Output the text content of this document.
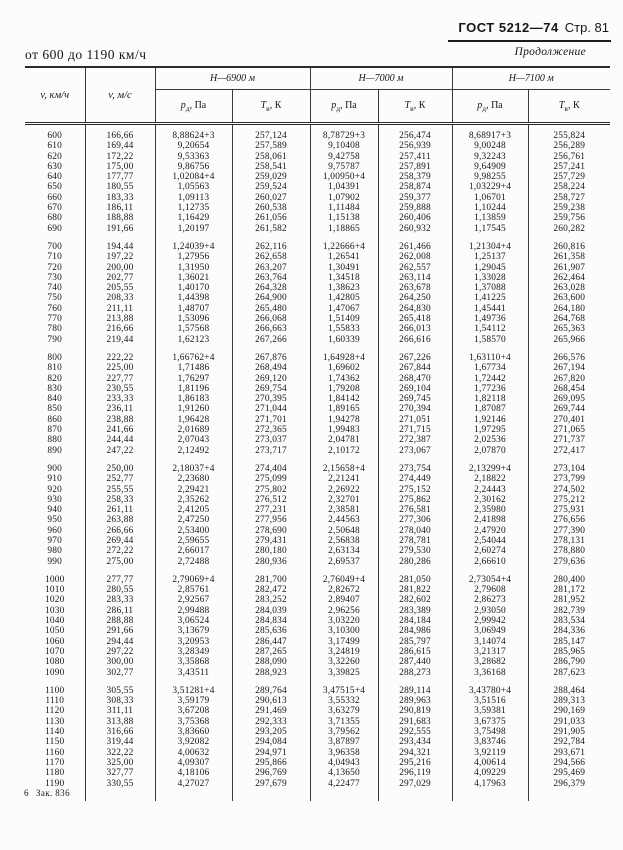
ГОСТ 5212—74 Стр. 81
Продолжение
от 600 до 1190 км/ч
v, км/ч	v, м/с	Н—6900 м		Н—7000 м		Н—7100 м	
		$p_д$, Па	$Т_в$, К	$p_д$, Па	$Т_в$, К	$p_д$, Па	$Т_в$, К

600	166,66	8,88624+3	257,124	8,78729+3	256,474	8,68917+3	255,824
610	169,44	9,20654	257,589	9,10408	256,939	9,00248	256,289
620	172,22	9,53363	258,061	9,42758	257,411	9,32243	256,761
630	175,00	9,86756	258,541	9,75787	257,891	9,64909	257,241
640	177,77	1,02084+4	259,029	1,00950+4	258,379	9,98255	257,729
650	180,55	1,05563	259,524	1,04391	258,874	1,03229+4	258,224
660	183,33	1,09113	260,027	1,07902	259,377	1,06701	258,727
670	186,11	1,12735	260,538	1,11484	259,888	1,10244	259,238
680	188,88	1,16429	261,056	1,15138	260,406	1,13859	259,756
690	191,66	1,20197	261,582	1,18865	260,932	1,17545	260,282

700	194,44	1,24039+4	262,116	1,22666+4	261,466	1,21304+4	260,816
710	197,22	1,27956	262,658	1,26541	262,008	1,25137	261,358
720	200,00	1,31950	263,207	1,30491	262,557	1,29045	261,907
730	202,77	1,36021	263,764	1,34518	263,114	1,33028	262,464
740	205,55	1,40170	264,328	1,38623	263,678	1,37088	263,028
750	208,33	1,44398	264,900	1,42805	264,250	1,41225	263,600
760	211,11	1,48707	265,480	1,47067	264,830	1,45441	264,180
770	213,88	1,53096	266,068	1,51409	265,418	1,49736	264,768
780	216,66	1,57568	266,663	1,55833	266,013	1,54112	265,363
790	219,44	1,62123	267,266	1,60339	266,616	1,58570	265,966

800	222,22	1,66762+4	267,876	1,64928+4	267,226	1,63110+4	266,576
810	225,00	1,71486	268,494	1,69602	267,844	1,67734	267,194
820	227,77	1,76297	269,120	1,74362	268,470	1,72442	267,820
830	230,55	1,81196	269,754	1,79208	269,104	1,77236	268,454
840	233,33	1,86183	270,395	1,84142	269,745	1,82118	269,095
850	236,11	1,91260	271,044	1,89165	270,394	1,87087	269,744
860	238,88	1,96428	271,701	1,94278	271,051	1,92146	270,401
870	241,66	2,01689	272,365	1,99483	271,715	1,97295	271,065
880	244,44	2,07043	273,037	2,04781	272,387	2,02536	271,737
890	247,22	2,12492	273,717	2,10172	273,067	2,07870	272,417

900	250,00	2,18037+4	274,404	2,15658+4	273,754	2,13299+4	273,104
910	252,77	2,23680	275,099	2,21241	274,449	2,18822	273,799
920	255,55	2,29421	275,802	2,26922	275,152	2,24443	274,502
930	258,33	2,35262	276,512	2,32701	275,862	2,30162	275,212
940	261,11	2,41205	277,231	2,38581	276,581	2,35980	275,931
950	263,88	2,47250	277,956	2,44563	277,306	2,41898	276,656
960	266,66	2,53400	278,690	2,50648	278,040	2,47920	277,390
970	269,44	2,59655	279,431	2,56838	278,781	2,54044	278,131
980	272,22	2,66017	280,180	2,63134	279,530	2,60274	278,880
990	275,00	2,72488	280,936	2,69537	280,286	2,66610	279,636

1000	277,77	2,79069+4	281,700	2,76049+4	281,050	2,73054+4	280,400
1010	280,55	2,85761	282,472	2,82672	281,822	2,79608	281,172
1020	283,33	2,92567	283,252	2,89407	282,602	2,86273	281,952
1030	286,11	2,99488	284,039	2,96256	283,389	2,93050	282,739
1040	288,88	3,06524	284,834	3,03220	284,184	2,99942	283,534
1050	291,66	3,13679	285,636	3,10300	284,986	3,06949	284,336
1060	294,44	3,20953	286,447	3,17499	285,797	3,14074	285,147
1070	297,22	3,28349	287,265	3,24819	286,615	3,21317	285,965
1080	300,00	3,35868	288,090	3,32260	287,440	3,28682	286,790
1090	302,77	3,43511	288,923	3,39825	288,273	3,36168	287,623

1100	305,55	3,51281+4	289,764	3,47515+4	289,114	3,43780+4	288,464
1110	308,33	3,59179	290,613	3,55332	289,963	3,51516	289,313
1120	311,11	3,67208	291,469	3,63279	290,819	3,59381	290,169
1130	313,88	3,75368	292,333	3,71355	291,683	3,67375	291,033
1140	316,66	3,83660	293,205	3,79562	292,555	3,75498	291,905
1150	319,44	3,92082	294,084	3,87897	293,434	3,83746	292,784
1160	322,22	4,00632	294,971	3,96358	294,321	3,92119	293,671
1170	325,00	4,09307	295,866	4,04943	295,216	4,00614	294,566
1180	327,77	4,18106	296,769	4,13650	296,119	4,09229	295,469
1190	330,55	4,27027	297,679	4,22477	297,029	4,17963	296,379

6 Зак. 836
